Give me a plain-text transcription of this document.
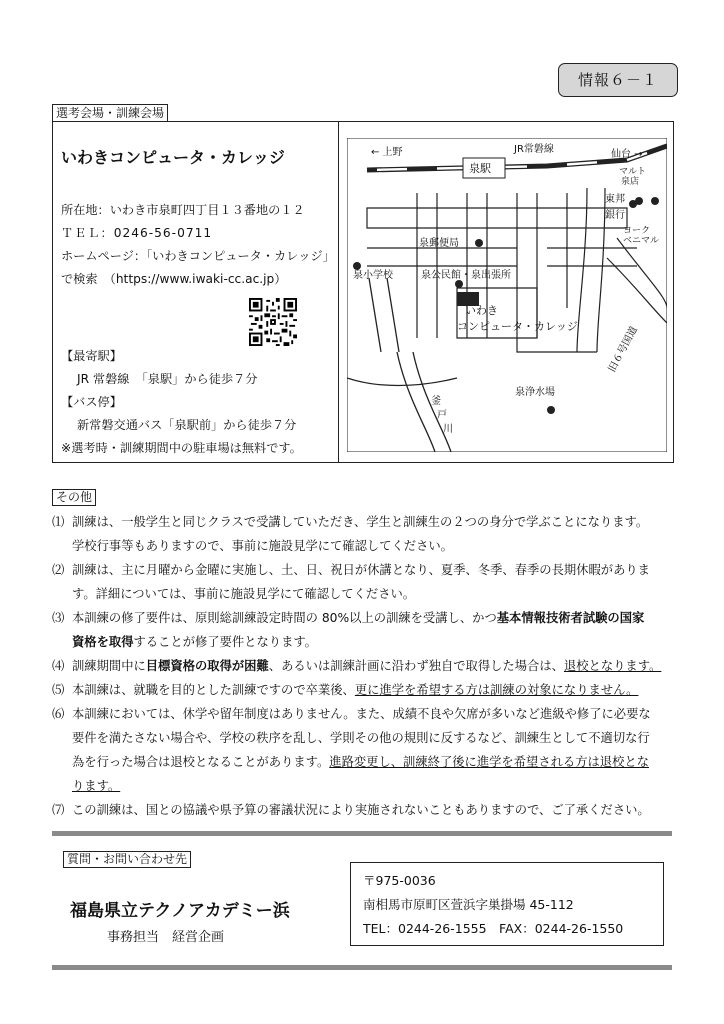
情報６－１
選考会場・訓練会場
いわきコンピュータ・カレッジ
所在地：いわき市泉町四丁目１３番地の１２
ＴＥＬ：0246-56-0711
ホームページ：「いわきコンピュータ・カレッジ」
で検索　（https://www.iwaki-cc.ac.jp）
【最寄駅】
JR 常磐線　「泉駅」から徒歩７分
【バス停】
新常磐交通バス「泉駅前」から徒歩７分
※選考時・訓練期間中の駐車場は無料です。
← 上野	JR常磐線
泉駅
仙台 →
マルト
泉店
東邦
銀行
ヨーク
ベニマル
泉郵便局
泉小学校	泉公民館・泉出張所
いわき
コンピュータ・カレッジ
泉浄水場
旧６号国道
釜
戸
川
その他
⑴ 訓練は、一般学生と同じクラスで受講していただき、学生と訓練生の２つの身分で学ぶことになります。
学校行事等もありますので、事前に施設見学にて確認してください。
⑵ 訓練は、主に月曜から金曜に実施し、土、日、祝日が休講となり、夏季、冬季、春季の長期休暇がありま
す。詳細については、事前に施設見学にて確認してください。
⑶ 本訓練の修了要件は、原則総訓練設定時間の 80%以上の訓練を受講し、かつ基本情報技術者試験の国家
資格を取得することが修了要件となります。
⑷ 訓練期間中に目標資格の取得が困難、あるいは訓練計画に沿わず独自で取得した場合は、退校となります。
⑸ 本訓練は、就職を目的とした訓練ですので卒業後、更に進学を希望する方は訓練の対象になりません。
⑹ 本訓練においては、休学や留年制度はありません。また、成績不良や欠席が多いなど進級や修了に必要な
要件を満たさない場合や、学校の秩序を乱し、学則その他の規則に反するなど、訓練生として不適切な行
為を行った場合は退校となることがあります。進路変更し、訓練終了後に進学を希望される方は退校とな
ります。
⑺ この訓練は、国との協議や県予算の審議状況により実施されないこともありますので、ご了承ください。
質問・お問い合わせ先
福島県立テクノアカデミー浜
事務担当　経営企画
〒975-0036
南相馬市原町区萱浜字巣掛場 45-112
TEL：0244-26-1555　FAX：0244-26-1550
